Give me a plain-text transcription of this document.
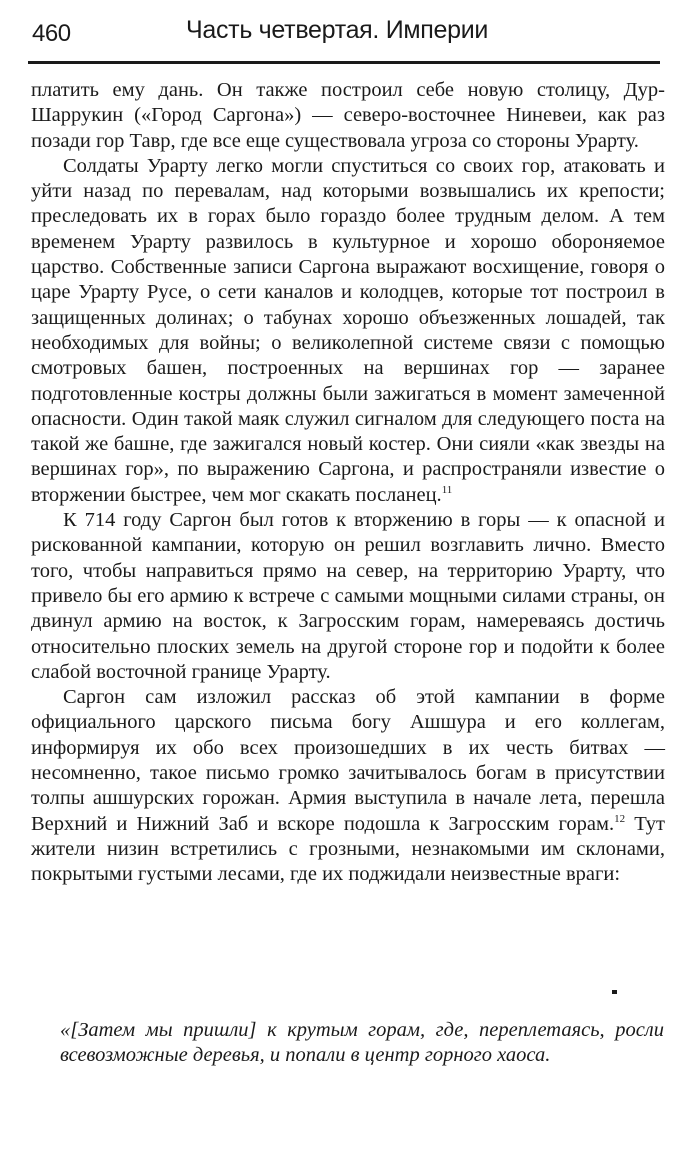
460	Часть четвертая. Империи

платить ему дань. Он также построил себе новую столицу, Дур-Шаррукин («Город Саргона») — северо-восточнее Ниневеи, как раз позади гор Тавр, где все еще существовала угроза со стороны Урарту.

Солдаты Урарту легко могли спуститься со своих гор, атаковать и уйти назад по перевалам, над которыми возвышались их крепости; преследовать их в горах было гораздо более трудным делом. А тем временем Урарту развилось в культурное и хорошо обороняемое царство. Собственные записи Саргона выражают восхищение, говоря о царе Урарту Русе, о сети каналов и колодцев, которые тот построил в защищенных долинах; о табунах хорошо объезженных лошадей, так необходимых для войны; о великолепной системе связи с помощью смотровых башен, построенных на вершинах гор — заранее подготовленные костры должны были зажигаться в момент замеченной опасности. Один такой маяк служил сигналом для следующего поста на такой же башне, где зажигался новый костер. Они сияли «как звезды на вершинах гор», по выражению Саргона, и распространяли известие о вторжении быстрее, чем мог скакать посланец.$^{11}$

К 714 году Саргон был готов к вторжению в горы — к опасной и рискованной кампании, которую он решил возглавить лично. Вместо того, чтобы направиться прямо на север, на территорию Урарту, что привело бы его армию к встрече с самыми мощными силами страны, он двинул армию на восток, к Загросским горам, намереваясь достичь относительно плоских земель на другой стороне гор и подойти к более слабой восточной границе Урарту.

Саргон сам изложил рассказ об этой кампании в форме официального царского письма богу Ашшура и его коллегам, информируя их обо всех произошедших в их честь битвах — несомненно, такое письмо громко зачитывалось богам в присутствии толпы ашшурских горожан. Армия выступила в начале лета, перешла Верхний и Нижний Заб и вскоре подошла к Загросским горам.$^{12}$ Тут жители низин встретились с грозными, незнакомыми им склонами, покрытыми густыми лесами, где их поджидали неизвестные враги:

«[Затем мы пришли] к крутым горам, где, переплетаясь, росли всевозможные деревья, и попали в центр горного хаоса.
